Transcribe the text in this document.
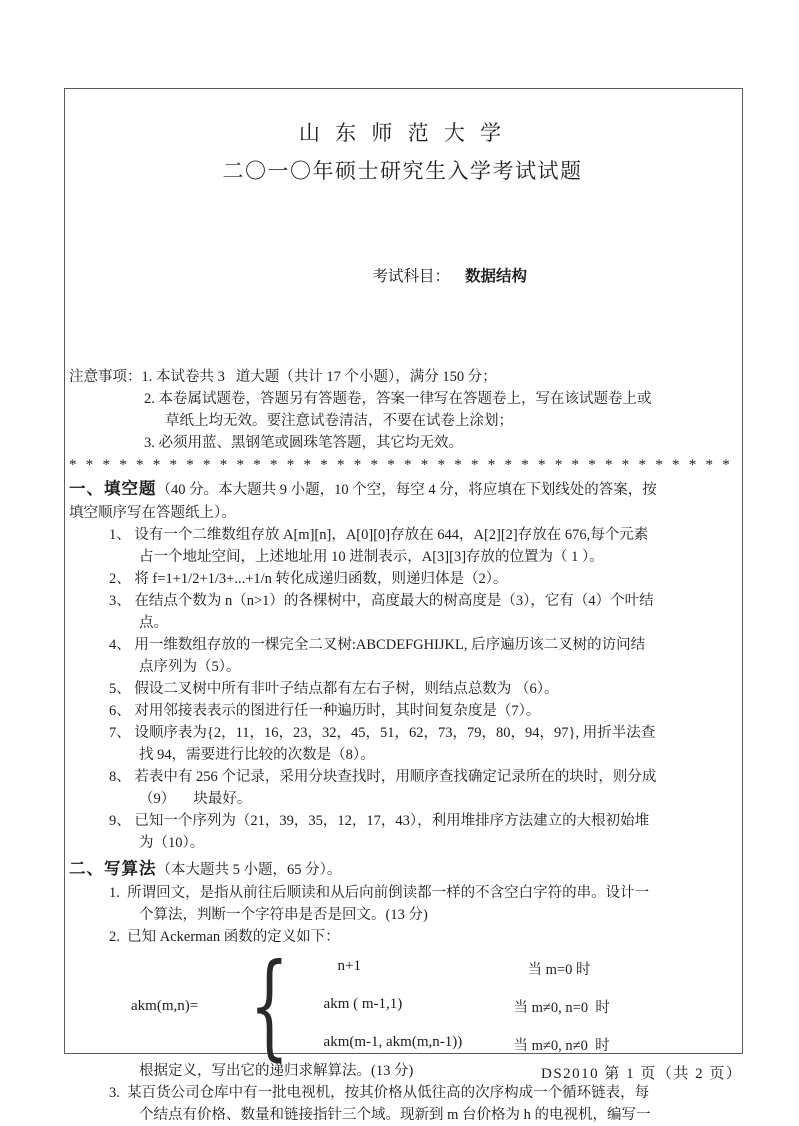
山 东 师 范 大 学
二〇一〇年硕士研究生入学考试试题

考试科目： 数据结构

注意事项：1. 本试卷共 3   道大题（共计 17 个小题），满分 150 分；
2. 本卷属试题卷，答题另有答题卷，答案一律写在答题卷上，写在该试题卷上或
草纸上均无效。要注意试卷清洁，不要在试卷上涂划；
3. 必须用蓝、黑钢笔或圆珠笔答题，其它均无效。
* * * * * * * * * * * * * * * * * * * * * * * * * * * * * * * * * * * * * * * *
一、填空题（40 分。本大题共 9 小题，10 个空，每空 4 分，将应填在下划线处的答案，按
填空顺序写在答题纸上）。
1、 设有一个二维数组存放 A[m][n]，A[0][0]存放在 644，A[2][2]存放在 676,每个元素
占一个地址空间，上述地址用 10 进制表示，A[3][3]存放的位置为（ 1 ）。
2、 将 f=1+1/2+1/3+...+1/n 转化成递归函数，则递归体是（2）。
3、 在结点个数为 n（n>1）的各棵树中，高度最大的树高度是（3），它有（4）个叶结
点。
4、 用一维数组存放的一棵完全二叉树:ABCDEFGHIJKL, 后序遍历该二叉树的访问结
点序列为（5）。
5、 假设二叉树中所有非叶子结点都有左右子树，则结点总数为 （6）。
6、 对用邻接表表示的图进行任一种遍历时，其时间复杂度是（7）。
7、 设顺序表为{2，11，16，23，32，45，51，62，73，79，80，94，97}, 用折半法查
找 94，需要进行比较的次数是（8）。
8、 若表中有 256 个记录，采用分块查找时，用顺序查找确定记录所在的块时，则分成
（9）     块最好。
9、 已知一个序列为（21，39，35，12，17，43），利用堆排序方法建立的大根初始堆
为（10）。
二、写算法（本大题共 5 小题，65 分）。
1.  所谓回文，是指从前往后顺读和从后向前倒读都一样的不含空白字符的串。设计一
个算法，判断一个字符串是否是回文。(13 分)
2.  已知 Ackerman 函数的定义如下：
akm(m,n)= {	n+1	当 m=0 时
akm ( m-1,1)	当 m≠0, n=0  时
akm(m-1, akm(m,n-1))	当 m≠0, n≠0  时
根据定义，写出它的递归求解算法。(13 分)
3.  某百货公司仓库中有一批电视机，按其价格从低往高的次序构成一个循环链表，每
个结点有价格、数量和链接指针三个域。现新到 m 台价格为 h 的电视机，编写一
DS2010 第 1 页（共 2 页）
